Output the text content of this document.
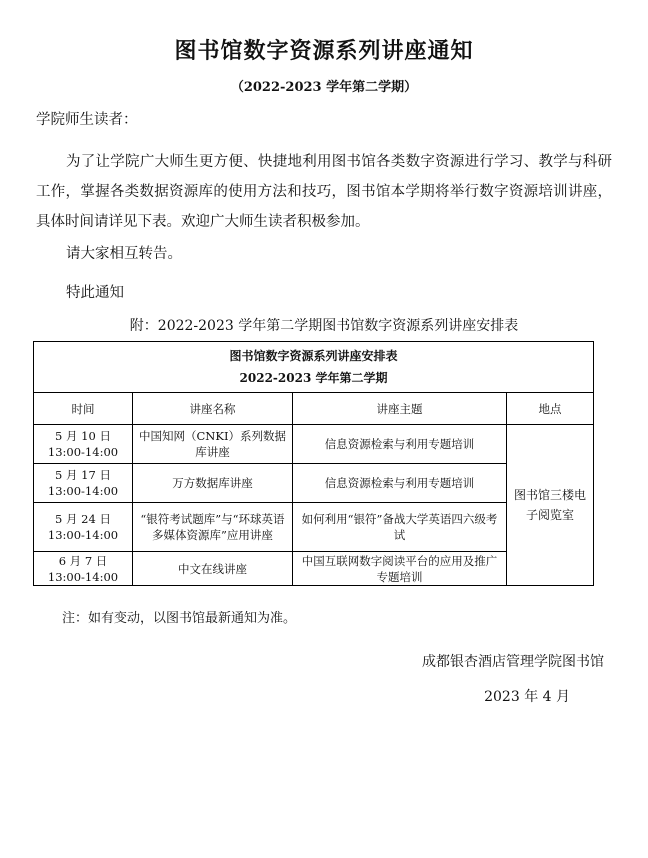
图书馆数字资源系列讲座通知
（2022-2023 学年第二学期）
学院师生读者：
为了让学院广大师生更方便、快捷地利用图书馆各类数字资源进行学习、教学与科研工作，掌握各类数据资源库的使用方法和技巧，图书馆本学期将举行数字资源培训讲座，具体时间请详见下表。欢迎广大师生读者积极参加。
请大家相互转告。
特此通知
附：2022-2023 学年第二学期图书馆数字资源系列讲座安排表
图书馆数字资源系列讲座安排表
2022-2023 学年第二学期			

时间	讲座名称	讲座主题	地点

5 月 10 日
13:00-14:00	中国知网（CNKI）系列数据库讲座	信息资源检索与利用专题培训	图书馆三楼电子阅览室

5 月 17 日
13:00-14:00	万方数据库讲座	信息资源检索与利用专题培训	

5 月 24 日
13:00-14:00	“银符考试题库”与“环球英语多媒体资源库”应用讲座	如何利用“银符”备战大学英语四六级考试	

6 月 7 日
13:00-14:00	中文在线讲座	中国互联网数字阅读平台的应用及推广专题培训	
注：如有变动，以图书馆最新通知为准。
成都银杏酒店管理学院图书馆
2023 年 4 月
